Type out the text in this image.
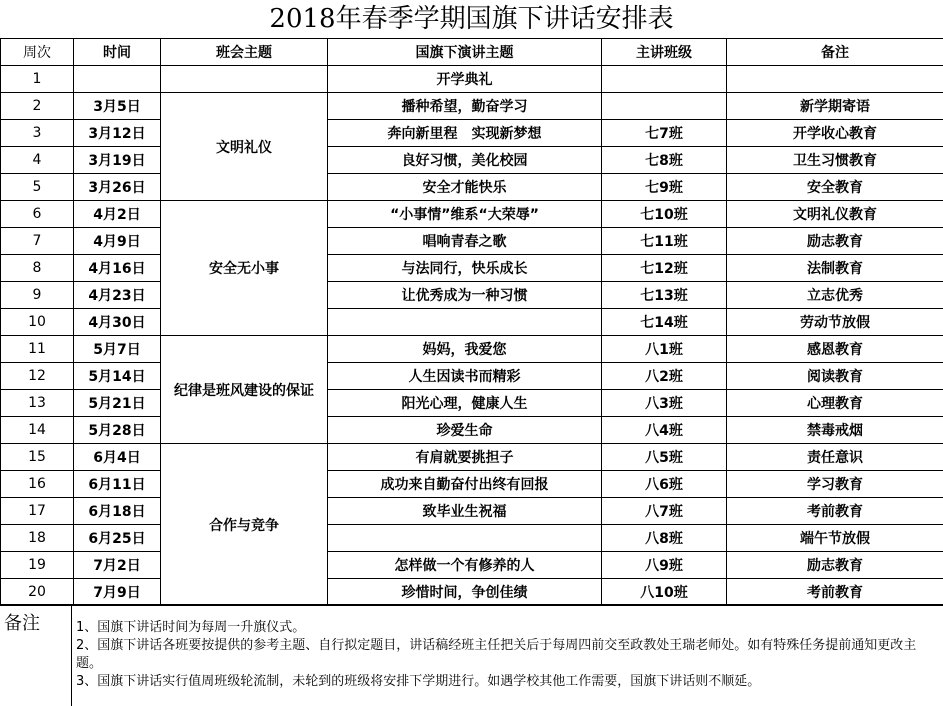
2018年春季学期国旗下讲话安排表
周次	时间	班会主题	国旗下演讲主题	主讲班级	备注
1			开学典礼		
2	3月5日	文明礼仪	播种希望，勤奋学习		新学期寄语
3	3月12日		奔向新里程　实现新梦想	七7班	开学收心教育
4	3月19日		良好习惯，美化校园	七8班	卫生习惯教育
5	3月26日		安全才能快乐	七9班	安全教育
6	4月2日	安全无小事	“小事情”维系“大荣辱”	七10班	文明礼仪教育
7	4月9日		唱响青春之歌	七11班	励志教育
8	4月16日		与法同行，快乐成长	七12班	法制教育
9	4月23日		让优秀成为一种习惯	七13班	立志优秀
10	4月30日			七14班	劳动节放假
11	5月7日	纪律是班风建设的保证	妈妈，我爱您	八1班	感恩教育
12	5月14日		人生因读书而精彩	八2班	阅读教育
13	5月21日		阳光心理，健康人生	八3班	心理教育
14	5月28日		珍爱生命	八4班	禁毒戒烟
15	6月4日	合作与竞争	有肩就要挑担子	八5班	责任意识
16	6月11日		成功来自勤奋付出终有回报	八6班	学习教育
17	6月18日		致毕业生祝福	八7班	考前教育
18	6月25日			八8班	端午节放假
19	7月2日		怎样做一个有修养的人	八9班	励志教育
20	7月9日		珍惜时间，争创佳绩	八10班	考前教育
备注	1、国旗下讲话时间为每周一升旗仪式。
2、国旗下讲话各班要按提供的参考主题、自行拟定题目，讲话稿经班主任把关后于每周四前交至政教处王瑞老师处。如有特殊任务提前通知更改主题。
3、国旗下讲话实行值周班级轮流制，未轮到的班级将安排下学期进行。如遇学校其他工作需要，国旗下讲话则不顺延。
